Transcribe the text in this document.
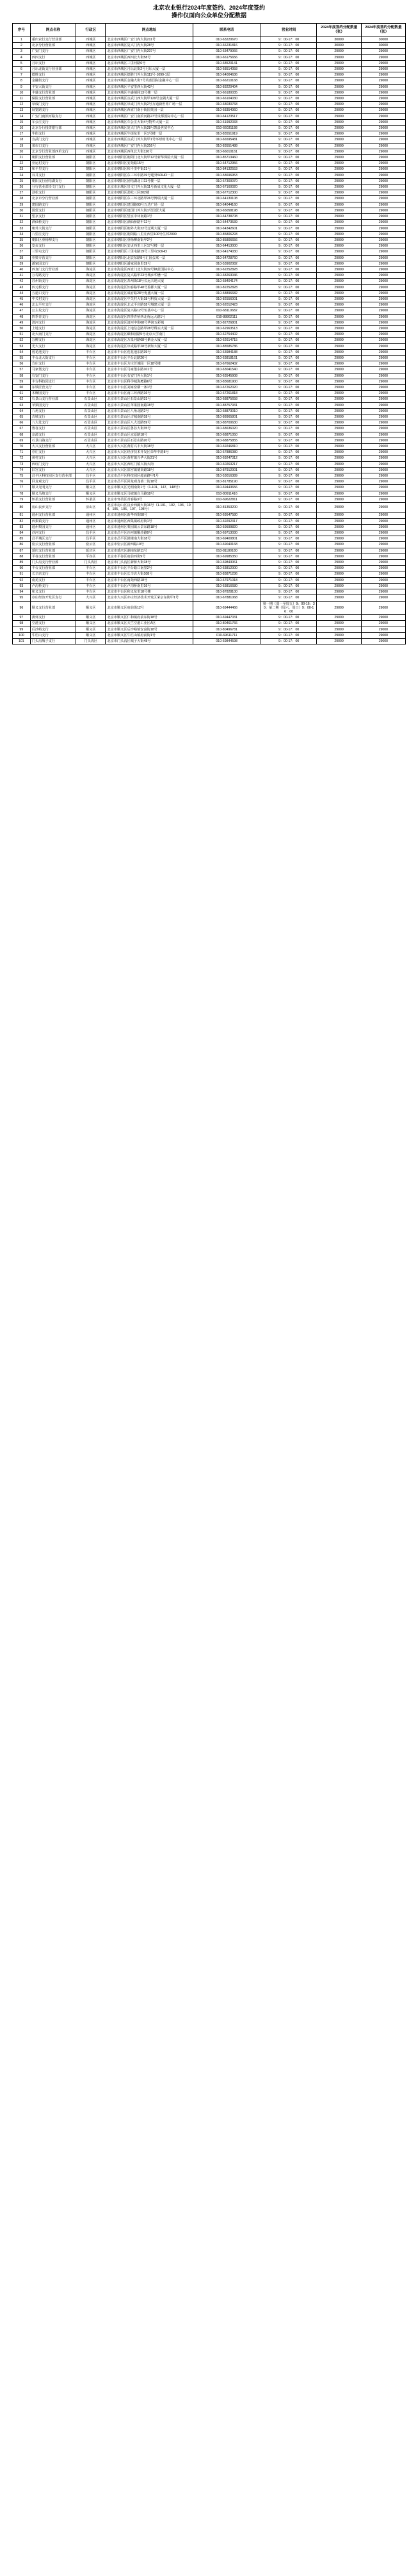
北京农业银行2024年度签约、2024年度签约
操作仅面向公众单位分配数据
序号	网点名称	行政区	网点地址	联系电话	营业时间	2024年度签约分配数量（张）	2024年度签约分配数量（张）
1	重庆农行支行营业部	西城区	北京市西城区广安门内大街211号	010-63220670	9：00-17：00	30000	30000
2	北京分行营业部	西城区	北京市西城区复兴门内大街28号	010-66231816	9：00-17：00	30000	30000
3	广安门支行	西城区	北京市西城区广安门内大街207号	010-63479066	9：00-17：00	29000	29000
4	西四支行	西城区	北京市西城区西四北大街58号	010-66175656	9：00-17：00	29000	29000
5	月坛支行	西城区	北京市西城区三里河路6号	010-68520141	9：00-17：00	29000	29000
6	月坛北街支行营业部	西城区	北京市西城区月坛北街2号月坛大厦一层	010-68514058	9：00-17：00	29000	29000
7	德胜支行	西城区	北京市西城区德胜门外大街111号-1099-1层	010-64004636	9：00-17：00	29000	29000
8	金融街支行	西城区	北京市西城区金融大街7号英蓝国际金融中心一层	010-66210168	9：00-17：00	29000	29000
9	平安大街支行	西城区	北京市西城区平安里西大街43号	010-83220404	9：00-17：00	29000	29000
10	丰盛支行营业部	西城区	北京市西城区丰盛胡同13号楼一层	010-66180035	9：00-17：00	29000	29000
11	保险支行营业部	西城区	北京市西城区宣武门西大街甲129号金隅大厦一层	010-66104030	9：00-17：00	29000	29000
12	阜成门支行	西城区	北京市西城区阜成门外大街2号万通新世界广场一层	010-68030768	9：00-17：00	29000	29000
13	展览路支行	西城区	北京市西城区西直门南小街国英园一层	010-68354060	9：00-17：00	29000	29000
14	广安门南滨河路支行	西城区	北京市西城区广安门南滨河路27号贵都国际中心一层	010-64123517	9：00-17：00	29000	29000
15	车公庄支行	西城区	北京市西城区车公庄大街4号物华大厦一层	010-61992033	9：00-17：00	29000	29000
16	北京分行投资银行部	西城区	北京市西城区复兴门内大街28号凯晨世贸中心	010-66031188	9：00-17：00	29000	29000
17	牛街支行	西城区	北京市西城区牛街东里一区1号楼一层	010-83551919	9：00-17：00	29000	29000
18	宣武门支行	西城区	北京市西城区宣武门外大街甲1号环球财讯中心一层	010-66595481	9：00-17：00	29000	29000
19	菜市口支行	西城区	北京市西城区广安门内大街316号	010-83551488	9：00-17：00	29000	29000
20	北京分行营业部西单支行	西城区	北京市西城区西单北大街120号	010-66010161	9：00-17：00	29000	29000
21	朝阳支行营业部	朝阳区	北京市朝阳区朝阳门北大街甲12号新华保险大厦一层	010-85713460	9：00-17：00	29000	29000
22	亚运村支行	朝阳区	北京市朝阳区安苑路15号	010-64712956	9：00-17：00	29000	29000
23	和平里支行	朝阳区	北京市朝阳区和平里中街21号	010-84132553	9：00-17：00	29000	29000
24	双井支行	朝阳区	北京市朝阳区东三环中路39号建外SOHO一层	010-58696953	9：00-17：00	29000	29000
25	朝阳支行团结湖支行	朝阳区	北京市朝阳区团结湖北口11号楼一层	010-67300070	9：00-17：00	29000	29000
26	分行营业部崇文门支行	朝阳区	北京市东城区崇文门外大街11号新成文化大厦一层	010-67160020	9：00-17：00	29000	29000
27	劲松支行	朝阳区	北京市朝阳区劲松三区302楼	010-67712300	9：00-17：00	29000	29000
28	北京市分行营业部	朝阳区	北京市朝阳区东三环北路甲26号博瑞大厦一层	010-64130108	9：00-17：00	29000	29000
29	建国路支行	朝阳区	北京市朝阳区建国路93号万达广场一层	010-64044160	9：00-17：00	29000	29000
30	国贸支行	朝阳区	北京市朝阳区建国门外大街1号国贸大厦	010-65058198	9：00-17：00	29000	29000
31	望京支行	朝阳区	北京市朝阳区望京中环南路1号	010-64738708	9：00-17：00	29000	29000
32	酒仙桥支行	朝阳区	北京市朝阳区酒仙桥路甲12号	010-64473539	9：00-17：00	29000	29000
33	朝外大街支行	朝阳区	北京市朝阳区朝外大街22号泛利大厦一层	010-64342601	9：00-17：00	29000	29000
34	八里庄支行	朝阳区	北京市朝阳区朝阳路八里庄西里100号住邦2000	010-85806293	9：00-17：00	29000	29000
35	朝阳区垂杨柳支行	朝阳区	北京市朝阳区垂杨柳南街甲2号	010-85806656	9：00-17：00	29000	29000
36	安贞支行	朝阳区	北京市朝阳区安贞西里三区17号楼一层	010-64413000	9：00-17：00	29000	29000
37	三里屯支行	朝阳区	北京市朝阳区三里屯路19号三里屯SOHO	010-64174030	9：00-17：00	29000	29000
38	亚奥专营支行	朝阳区	北京市朝阳区北辰东路8号汇园公寓一层	010-64728760	9：00-17：00	29000	29000
39	潘家园支行	朝阳区	北京市朝阳区潘家园南里19号	010-53902082	9：00-17：00	29000	29000
40	西直门支行营业部	海淀区	北京市海淀区西直门北大街32号枫蓝国际中心	010-62252828	9：00-17：00	29000	29000
41	万寿路支行	海淀区	北京市海淀区复兴路甲23号城乡华懋一层	010-68263046	9：00-17：00	29000	29000
42	苏州街支行	海淀区	北京市海淀区苏州街18号长远天地大厦	010-68404174	9：00-17：00	29000	29000
43	四元桥支行	海淀区	北京市海淀区知春路甲48号盈都大厦一层	010-82252828	9：00-17：00	29000	29000
44	五道口支行	海淀区	北京市海淀区成府路28号优盛大厦一层	010-58896682	9：00-17：00	29000	29000
45	中关村支行	海淀区	北京市海淀区中关村大街18号科贸大厦一层	010-82556001	9：00-17：00	29000	29000
46	北太平庄支行	海淀区	北京市海淀区北太平庄路18号城建大厦一层	010-62012423	9：00-17：00	29000	29000
47	公主坟支行	海淀区	北京市海淀区复兴路12号恒基中心一层	010-68110682	9：00-17：00	29000	29000
48	四季青支行	海淀区	北京市海淀区四季青桥西北角远大路1号	010-88862111	9：00-17：00	29000	29000
49	清河支行	海淀区	北京市海淀区清河中街68号华润五彩城	010-82726801	9：00-17：00	29000	29000
50	上地支行	海淀区	北京市海淀区上地信息路甲28号科实大厦一层	010-62963513	9：00-17：00	29000	29000
51	北大南门支行	海淀区	北京市海淀区颐和园路5号北京大学南门	010-62754402	9：00-17：00	29000	29000
52	万柳支行	海淀区	北京市海淀区万泉河路68号紫金大厦一层	010-62614715	9：00-17：00	29000	29000
53	光大支行	海淀区	北京市海淀区阜成路甲28号新知大厦一层	010-88585786	9：00-17：00	29000	29000
54	莲花池支行	丰台区	北京市丰台区莲花池东路39号	010-63984188	9：00-17：00	29000	29000
55	丰台北大街支行	丰台区	北京市丰台区丰台北路26号	010-63818161	9：00-17：00	29000	29000
56	方庄支行	丰台区	北京市丰台区方庄芳城园一区18号楼	010-67662402	9：00-17：00	29000	29000
57	马家堡支行	丰台区	北京市丰台区马家堡东路101号	010-63041540	9：00-17：00	29000	29000
58	右安门支行	丰台区	北京市丰台区右安门外大街1号	010-63545908	9：00-17：00	29000	29000
59	丰台科技园支行	丰台区	北京市丰台区科学城海鹰路6号	010-83681900	9：00-17：00	29000	29000
60	东铁匠营支行	丰台区	北京市丰台区刘家窑横一条1号	010-67262020	9：00-17：00	29000	29000
61	木樨园支行	丰台区	北京市丰台区南三环西路16号	010-67261818	9：00-17：00	29000	29000
62	石景山支行营业部	石景山区	北京市石景山区石景山路31号	010-68875658	9：00-17：00	29000	29000
63	苹果园支行	石景山区	北京市石景山区苹果园南路18号	010-88757931	9：00-17：00	29000	29000
64	八角支行	石景山区	北京市石景山区八角北路2号	010-68873010	9：00-17：00	29000	29000
65	古城支行	石景山区	北京市石景山区古城南路18号	010-88965801	9：00-17：00	29000	29000
66	八大处支行	石景山区	北京市石景山区八大处路59号	010-88700630	9：00-17：00	29000	29000
67	鲁谷支行	石景山区	北京市石景山区鲁谷大街35号	010-68636020	9：00-17：00	29000	29000
68	京源支行	石景山区	北京市石景山区京原路18号	010-68871050	9：00-17：00	29000	29000
69	石景山路支行	石景山区	北京市石景山区石景山路20号	010-68875855	9：00-17：00	29000	29000
70	大兴支行营业部	大兴区	北京市大兴区黄村兴丰大街18号	010-69246810	9：00-17：00	29000	29000
71	亦庄支行	大兴区	北京市大兴区经济技术开发区荣华中路8号	010-67886080	9：00-17：00	29000	29000
72	黄村支行	大兴区	北京市大兴区黄村镇兴华大街21号	010-69247312	9：00-17：00	29000	29000
73	西红门支行	大兴区	北京市大兴区西红门镇兴海大街	010-60263217	9：00-17：00	29000	29000
74	旧宫支行	大兴区	北京市大兴区旧宫镇德贤路18号	010-87912001	9：00-17：00	29000	29000
75	昌平区科技园区支行营业部	昌平区	北京市昌平区科技园区超前路甲1号	010-53016389	9：00-17：00	29000	29000
76	回龙观支行	昌平区	北京市昌平区回龙观龙禧二街18号	010-81785190	9：00-17：00	29000	29000
77	顺义光明支行	顺义区	北京市顺义区光明南街1号（1-101、147、148号）	010-69443656	9：00-17：00	29000	29000
78	顺义马坡支行	顺义区	北京市顺义区马坡镇白马路18号	010-80911416	9：00-17：00	29000	29000
79	怀柔支行营业部	怀柔区	北京市怀柔区青春路3号	010-69622811	9：00-17：00	29000	29000
80	房山良乡支行	房山区	北京市房山区良乡西潞大街16号（1-101、102、103、104、105、106、107、108号）	010-81353200	9：00-17：00	29000	29000
81	通州支行营业部	通州区	北京市通州区新华西街58号	010-69547580	9：00-17：00	29000	29000
82	西集镇支行	通州区	北京市通州区西集镇政府街1号	010-69292317	9：00-17：00	29000	29000
83	通州梨园支行	通州区	北京市通州区梨园镇云景东路18号	010-59599820	9：00-17：00	29000	29000
84	沙河支行	昌平区	北京市昌平区沙河镇顺沙路9号	010-69713030	9：00-17：00	29000	29000
85	昌平城区支行	昌平区	北京市昌平区鼓楼南大街18号	010-69400801	9：00-17：00	29000	29000
86	密云支行营业部	密云区	北京市密云区新西路10号	010-69040168	9：00-17：00	29000	29000
87	延庆支行营业部	延庆区	北京市延庆区湖南东路11号	010-81180180	9：00-17：00	29000	29000
88	平谷支行营业部	平谷区	北京市平谷区府前西街9号	010-69985350	9：00-17：00	29000	29000
89	门头沟支行营业部	门头沟区	北京市门头沟区新桥大街18号	010-69843061	9：00-17：00	29000	29000
90	丰台支行营业部	丰台区	北京市丰台区丰台路口南里2号	010-63812000	9：00-17：00	29000	29000
91	长辛店支行	丰台区	北京市丰台区长辛店大街108号	010-83871236	9：00-17：00	29000	29000
92	南苑支行	丰台区	北京市丰台区南苑西路18号	010-67971018	9：00-17：00	29000	29000
93	卢沟桥支行	丰台区	北京市丰台区卢沟桥南里16号	010-63816680	9：00-17：00	29000	29000
94	和义支行	丰台区	北京市丰台区和义东里18号楼	010-87828100	9：00-17：00	29000	29000
95	亦庄经济开发区支行	大兴区	北京市大兴区亦庄经济技术开发区荣京东街甲1号	010-67881068	9：00-17：00	29000	29000
96	顺义支行营业部	顺义区	北京市顺义区府前街12号	010-69444466	第一期（周一至周五）9：00-16：30；第二期（周六、周日）9：00-16：00	29000	29000
97	燕郊支行	顺义区	北京市顺义区仁和镇府前东街18号	010-69447031	9：00-17：00	29000	29000
98	空港支行	顺义区	北京市顺义区天竺空港工业区A区	010-80461766	9：00-17：00	29000	29000
99	后沙峪支行	顺义区	北京市顺义区后沙峪镇安富街18号	010-80496781	9：00-17：00	29000	29000
100	牛栏山支行	顺义区	北京市顺义区牛栏山镇府前街1号	010-69611711	9：00-17：00	29000	29000
101	门头沟城子支行	门头沟区	北京市门头沟区城子大街48号	010-69844598	9：00-17：00	29000	29000
